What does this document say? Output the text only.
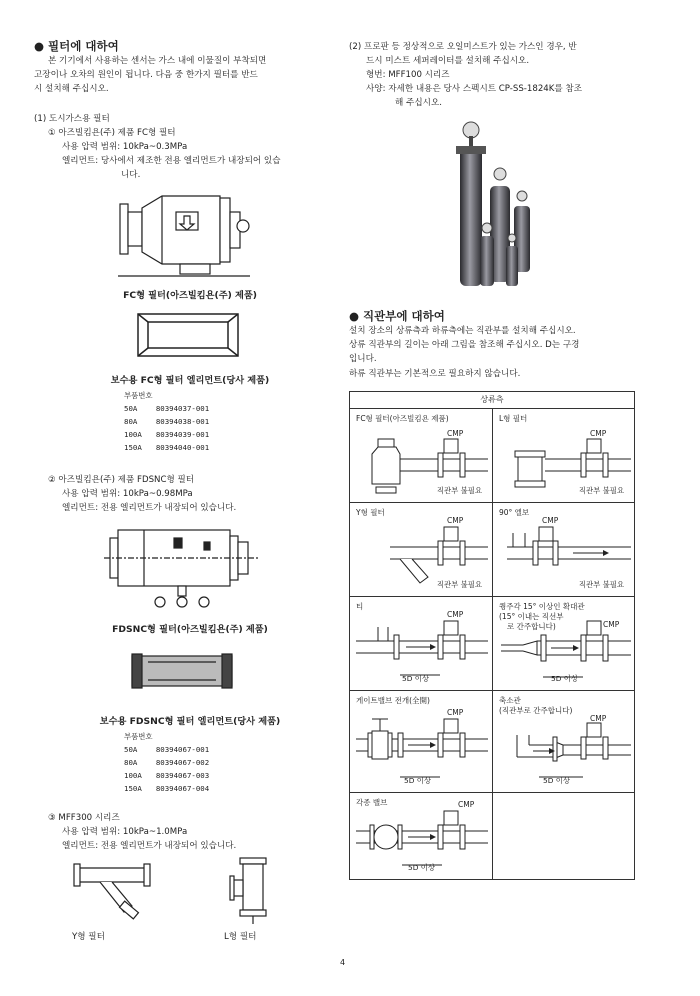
● 필터에 대하여
본 기기에서 사용하는 센서는 가스 내에 이물질이 부착되면
고장이나 오차의 원인이 됩니다. 다음 중 한가지 필터를 반드
시 설치해 주십시오.
(1) 도시가스용 필터
① 아즈빌킴욘(주) 제품 FC형 필터
사용 압력 범위: 10kPa~0.3MPa
엘리먼트: 당사에서 제조한 전용 엘리먼트가 내장되어 있습
니다.
FC형 필터(아즈빌킴욘(주) 제품)
보수용 FC형 필터 엘리먼트(당사 제품)
부품번호
50A	80394037-001
80A	80394038-001
100A	80394039-001
150A	80394040-001
② 아즈빌킴욘(주) 제품 FDSNC형 필터
사용 압력 범위: 10kPa~0.98MPa
엘리먼트: 전용 엘리먼트가 내장되어 있습니다.
FDSNC형 필터(아즈빌킴욘(주) 제품)
보수용 FDSNC형 필터 엘리먼트(당사 제품)
부품번호
50A	80394067-001
80A	80394067-002
100A	80394067-003
150A	80394067-004
③ MFF300 시리즈
사용 압력 범위: 10kPa~1.0MPa
엘리먼트: 전용 엘리먼트가 내장되어 있습니다.
Y형 필터	L형 필터
(2) 프로판 등 정상적으로 오일미스트가 있는 가스인 경우, 반
드시 미스트 세퍼레이터를 설치해 주십시오.
형번: MFF100 시리즈
사양: 자세한 내용은 당사 스펙시트 CP-SS-1824K를 참조
해 주십시오.
● 직관부에 대하여
설치 장소의 상류측과 하류측에는 직관부를 설치해 주십시오.
상류 직관부의 길이는 아래 그림을 참조해 주십시오. D는 구경
입니다.
하류 직관부는 기본적으로 필요하지 않습니다.
상류측
FC형 필터(아즈빌킴욘 제품)
CMP
직관부 불필요
L형 필터
CMP
직관부 불필요
Y형 필터
CMP
직관부 불필요
90° 엘보
CMP
직관부 불필요
티
CMP
5D 이상
퀑주각 15° 이상인 확대관
(15° 이내는 직선부
로 간주합니다)	CMP
5D 이상
게이트밸브 전개(全開)
CMP
5D 이상
축소관
(직관부로 간주합니다)
CMP
5D 이상
각종 밸브	CMP
5D 이상
4
